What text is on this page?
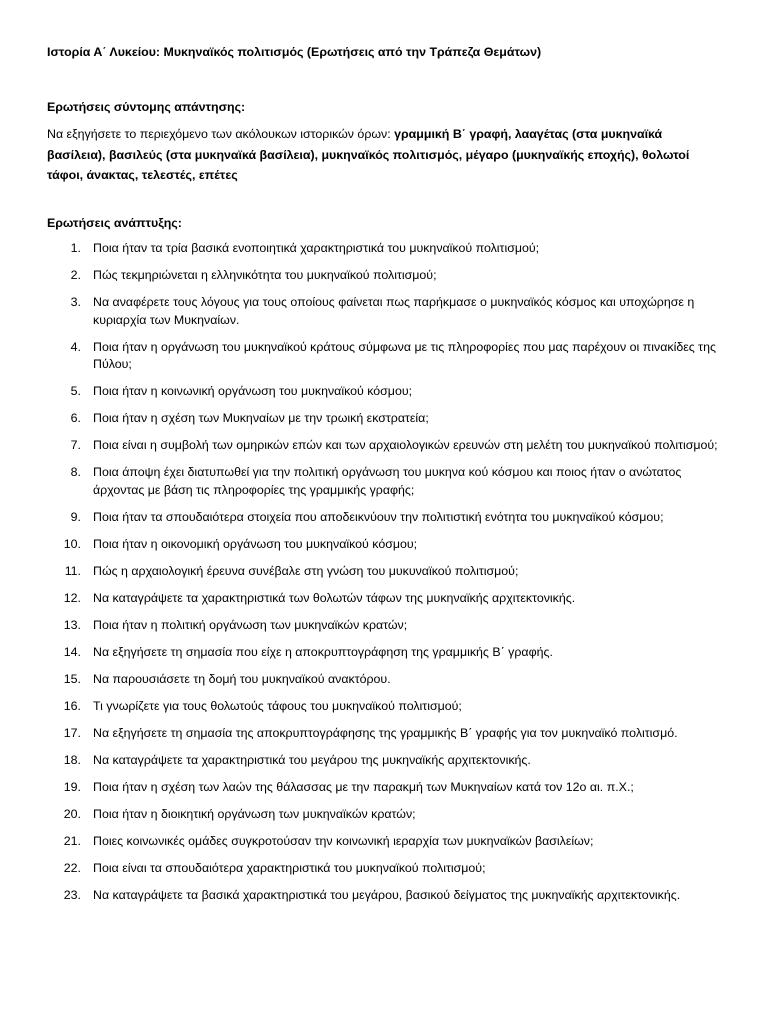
Ιστορία Α΄ Λυκείου: Μυκηναϊκός πολιτισμός (Ερωτήσεις από την Τράπεζα Θεμάτων)
Ερωτήσεις σύντομης απάντησης:
Να εξηγήσετε το περιεχόμενο των ακόλουκων ιστορικών όρων: γραμμική Β΄ γραφή, λααγέτας (στα μυκηναϊκά βασίλεια), βασιλεύς (στα μυκηναϊκά βασίλεια), μυκηναϊκός πολιτισμός, μέγαρο (μυκηναϊκής εποχής), θολωτοί τάφοι, άνακτας, τελεστές, επέτες
Ερωτήσεις ανάπτυξης:
1. Ποια ήταν τα τρία βασικά ενοποιητικά χαρακτηριστικά του μυκηναϊκού πολιτισμού;
2. Πώς τεκμηριώνεται η ελληνικότητα του μυκηναϊκού πολιτισμού;
3. Να αναφέρετε τους λόγους για τους οποίους φαίνεται πως παρήκμασε ο μυκηναϊκός κόσμος και υποχώρησε η κυριαρχία των Μυκηναίων.
4. Ποια ήταν η οργάνωση του μυκηναϊκού κράτους σύμφωνα με τις πληροφορίες που μας παρέχουν οι πινακίδες της Πύλου;
5. Ποια ήταν η κοινωνική οργάνωση του μυκηναϊκού κόσμου;
6. Ποια ήταν η σχέση των Μυκηναίων με την τρωική εκστρατεία;
7. Ποια είναι η συμβολή των ομηρικών επών και των αρχαιολογικών ερευνών στη μελέτη του μυκηναϊκού πολιτισμού;
8. Ποια άποψη έχει διατυπωθεί για την πολιτική οργάνωση του μυκηνα κού κόσμου και ποιος ήταν ο ανώτατος άρχοντας με βάση τις πληροφορίες της γραμμικής γραφής;
9. Ποια ήταν τα σπουδαιότερα στοιχεία που αποδεικνύουν την πολιτιστική ενότητα του μυκηναϊκού κόσμου;
10. Ποια ήταν η οικονομική οργάνωση του μυκηναϊκού κόσμου;
11. Πώς η αρχαιολογική έρευνα συνέβαλε στη γνώση του μυκυναϊκού πολιτισμού;
12. Να καταγράψετε τα χαρακτηριστικά των θολωτών τάφων της μυκηναϊκής αρχιτεκτονικής.
13. Ποια ήταν η πολιτική οργάνωση των μυκηναϊκών κρατών;
14. Να εξηγήσετε τη σημασία που είχε η αποκρυπτογράφηση της γραμμικής Β΄ γραφής.
15. Να παρουσιάσετε τη δομή του μυκηναϊκού ανακτόρου.
16. Τι γνωρίζετε για τους θολωτούς τάφους του μυκηναϊκού πολιτισμού;
17. Να εξηγήσετε τη σημασία της αποκρυπτογράφησης της γραμμικής Β΄ γραφής για τον μυκηναϊκό πολιτισμό.
18. Να καταγράψετε τα χαρακτηριστικά του μεγάρου της μυκηναϊκής αρχιτεκτονικής.
19. Ποια ήταν η σχέση των λαών της θάλασσας με την παρακμή των Μυκηναίων κατά τον 12ο αι. π.Χ.;
20. Ποια ήταν η διοικητική οργάνωση των μυκηναϊκών κρατών;
21. Ποιες κοινωνικές ομάδες συγκροτούσαν την κοινωνική ιεραρχία των μυκηναϊκών βασιλείων;
22. Ποια είναι τα σπουδαιότερα χαρακτηριστικά του μυκηναϊκού πολιτισμού;
23. Να καταγράψετε τα βασικά χαρακτηριστικά του μεγάρου, βασικού δείγματος της μυκηναϊκής αρχιτεκτονικής.
